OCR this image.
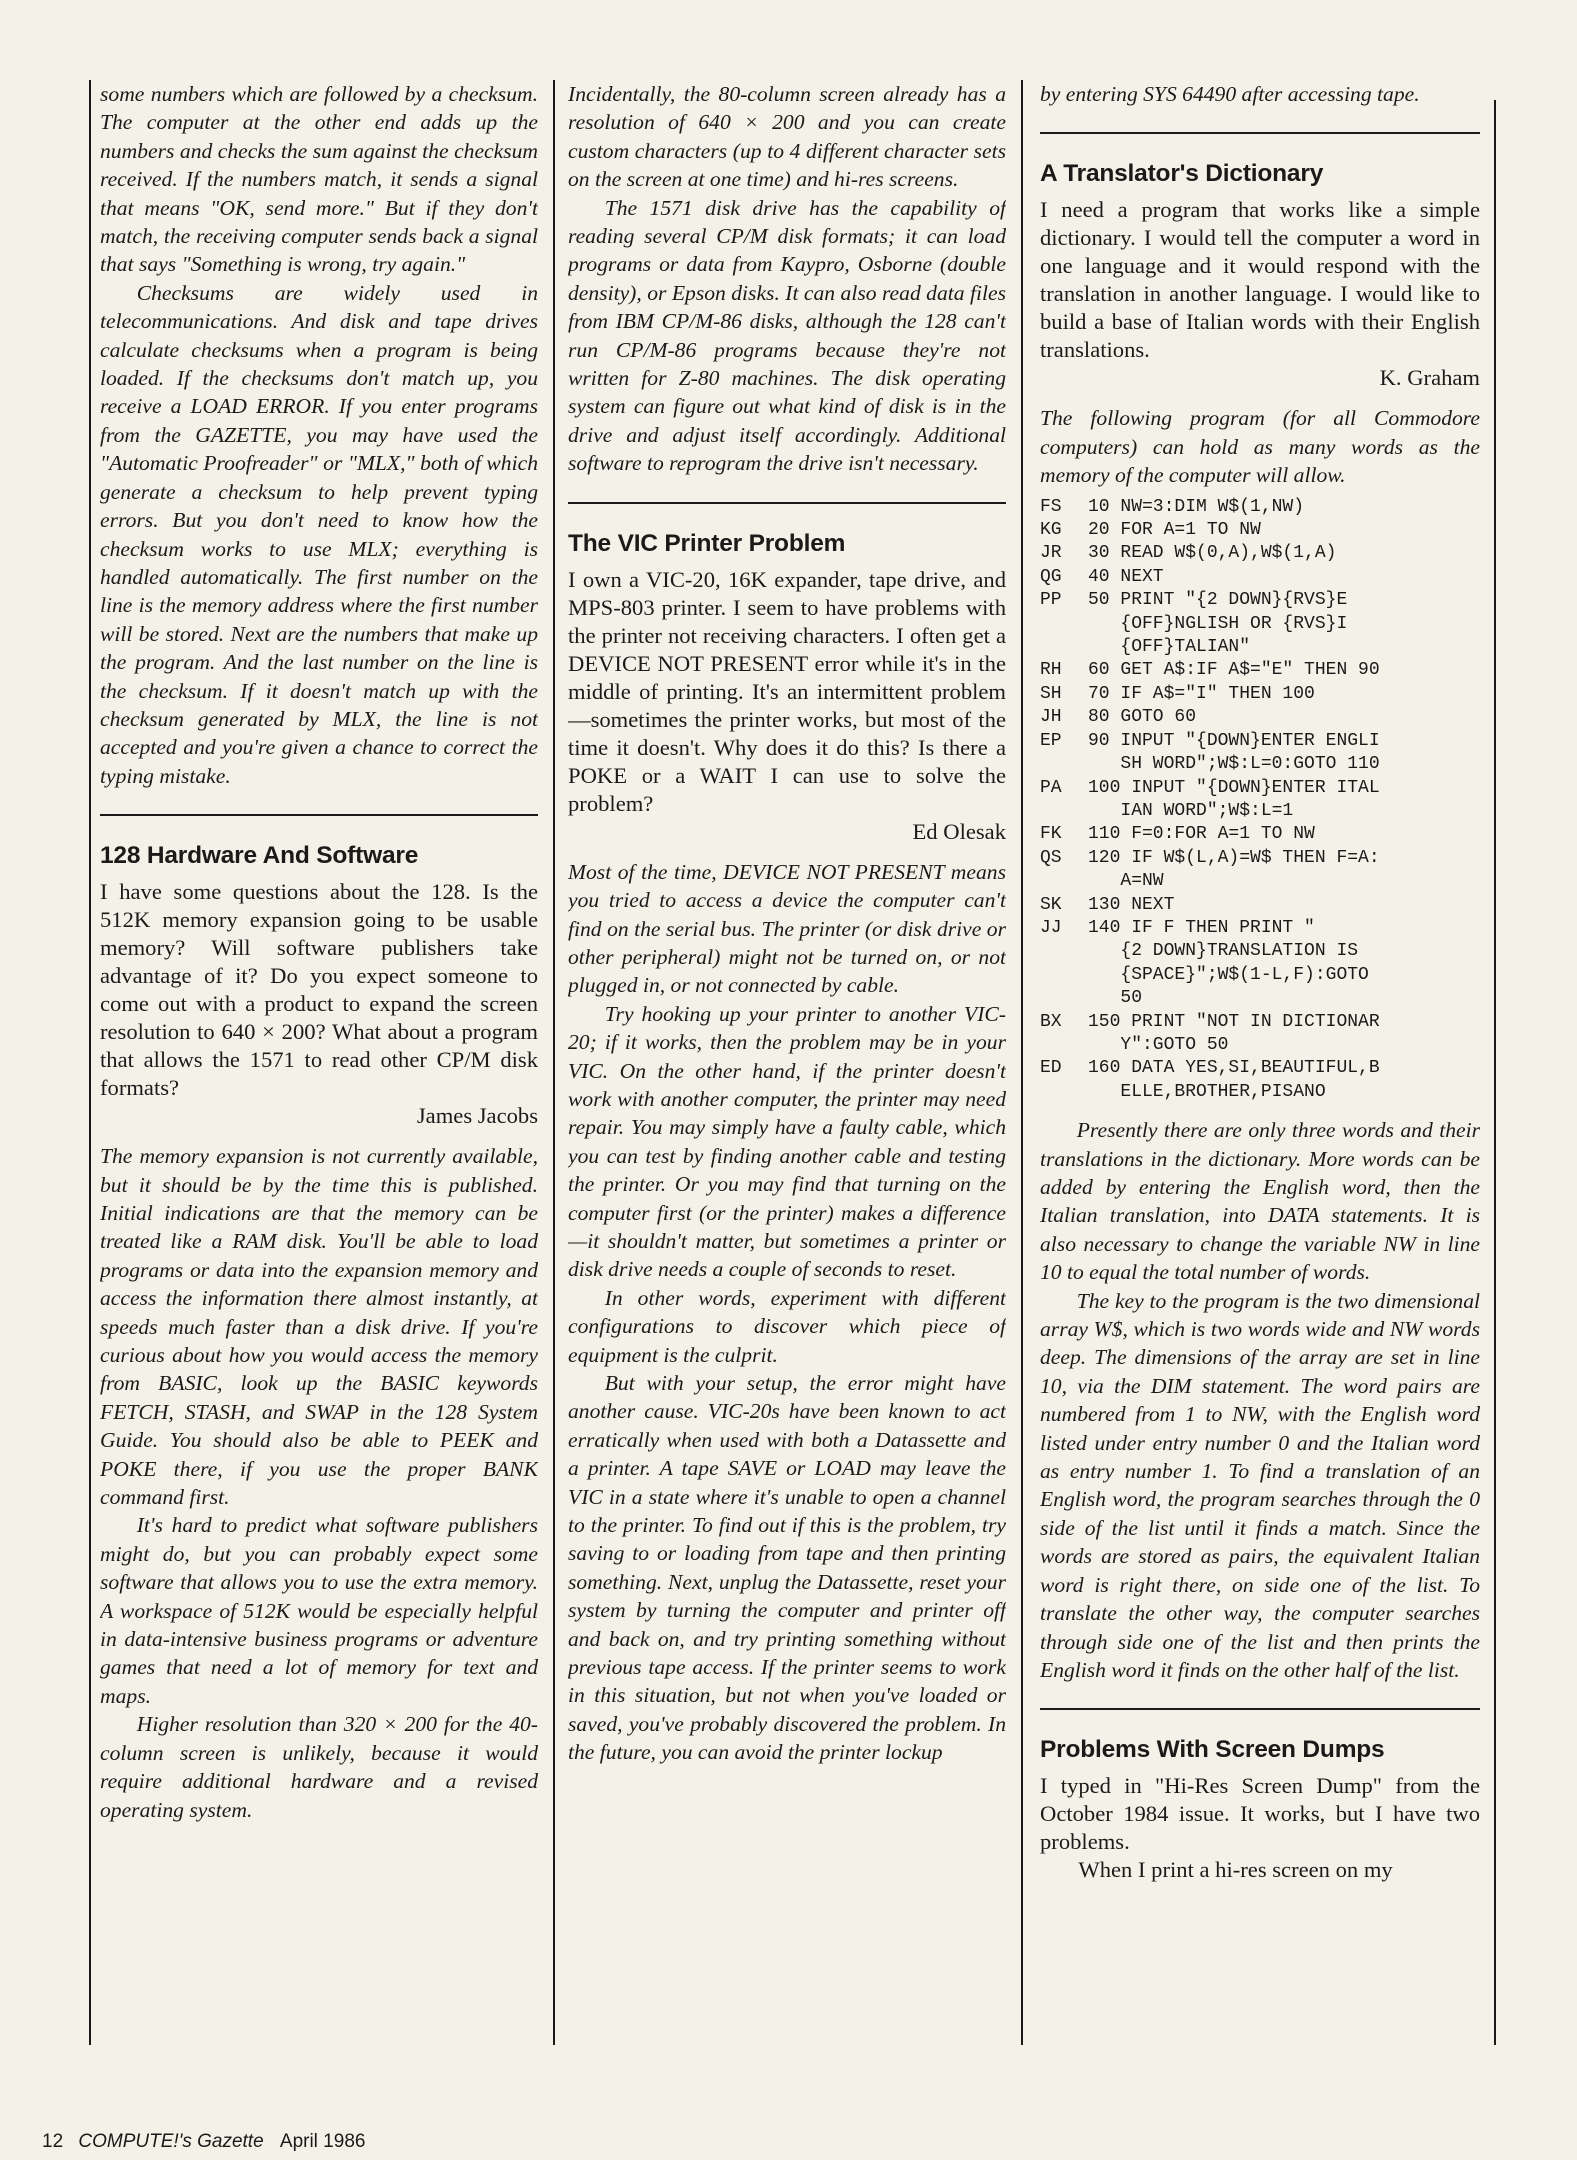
some numbers which are followed by a checksum. The computer at the other end adds up the numbers and checks the sum against the checksum received. If the numbers match, it sends a signal that means "OK, send more." But if they don't match, the receiving computer sends back a signal that says "Something is wrong, try again."

Checksums are widely used in telecommunications. And disk and tape drives calculate checksums when a program is being loaded. If the checksums don't match up, you receive a LOAD ERROR. If you enter programs from the GAZETTE, you may have used the "Automatic Proofreader" or "MLX," both of which generate a checksum to help prevent typing errors. But you don't need to know how the checksum works to use MLX; everything is handled automatically. The first number on the line is the memory address where the first number will be stored. Next are the numbers that make up the program. And the last number on the line is the checksum. If it doesn't match up with the checksum generated by MLX, the line is not accepted and you're given a chance to correct the typing mistake.

128 Hardware And Software

I have some questions about the 128. Is the 512K memory expansion going to be usable memory? Will software publishers take advantage of it? Do you expect someone to come out with a product to expand the screen resolution to 640 × 200? What about a program that allows the 1571 to read other CP/M disk formats?

James Jacobs

The memory expansion is not currently available, but it should be by the time this is published. Initial indications are that the memory can be treated like a RAM disk. You'll be able to load programs or data into the expansion memory and access the information there almost instantly, at speeds much faster than a disk drive. If you're curious about how you would access the memory from BASIC, look up the BASIC keywords FETCH, STASH, and SWAP in the 128 System Guide. You should also be able to PEEK and POKE there, if you use the proper BANK command first.

It's hard to predict what software publishers might do, but you can probably expect some software that allows you to use the extra memory. A workspace of 512K would be especially helpful in data-intensive business programs or adventure games that need a lot of memory for text and maps.

Higher resolution than 320 × 200 for the 40-column screen is unlikely, because it would require additional hardware and a revised operating system.

Incidentally, the 80-column screen already has a resolution of 640 × 200 and you can create custom characters (up to 4 different character sets on the screen at one time) and hi-res screens.

The 1571 disk drive has the capability of reading several CP/M disk formats; it can load programs or data from Kaypro, Osborne (double density), or Epson disks. It can also read data files from IBM CP/M-86 disks, although the 128 can't run CP/M-86 programs because they're not written for Z-80 machines. The disk operating system can figure out what kind of disk is in the drive and adjust itself accordingly. Additional software to reprogram the drive isn't necessary.

The VIC Printer Problem

I own a VIC-20, 16K expander, tape drive, and MPS-803 printer. I seem to have problems with the printer not receiving characters. I often get a DEVICE NOT PRESENT error while it's in the middle of printing. It's an intermittent problem—sometimes the printer works, but most of the time it doesn't. Why does it do this? Is there a POKE or a WAIT I can use to solve the problem?

Ed Olesak

Most of the time, DEVICE NOT PRESENT means you tried to access a device the computer can't find on the serial bus. The printer (or disk drive or other peripheral) might not be turned on, or not plugged in, or not connected by cable.

Try hooking up your printer to another VIC-20; if it works, then the problem may be in your VIC. On the other hand, if the printer doesn't work with another computer, the printer may need repair. You may simply have a faulty cable, which you can test by finding another cable and testing the printer. Or you may find that turning on the computer first (or the printer) makes a difference—it shouldn't matter, but sometimes a printer or disk drive needs a couple of seconds to reset.

In other words, experiment with different configurations to discover which piece of equipment is the culprit.

But with your setup, the error might have another cause. VIC-20s have been known to act erratically when used with both a Datassette and a printer. A tape SAVE or LOAD may leave the VIC in a state where it's unable to open a channel to the printer. To find out if this is the problem, try saving to or loading from tape and then printing something. Next, unplug the Datassette, reset your system by turning the computer and printer off and back on, and try printing something without previous tape access. If the printer seems to work in this situation, but not when you've loaded or saved, you've probably discovered the problem. In the future, you can avoid the printer lockup

by entering SYS 64490 after accessing tape.

A Translator's Dictionary

I need a program that works like a simple dictionary. I would tell the computer a word in one language and it would respond with the translation in another language. I would like to build a base of Italian words with their English translations.

K. Graham

The following program (for all Commodore computers) can hold as many words as the memory of the computer will allow.

FS	10 NW=3:DIM W$(1,NW)
KG	20 FOR A=1 TO NW
JR	30 READ W$(0,A),W$(1,A)
QG	40 NEXT
PP	50 PRINT "{2 DOWN}{RVS}E
{OFF}NGLISH OR {RVS}I
{OFF}TALIAN"
RH	60 GET A$:IF A$="E" THEN 90
SH	70 IF A$="I" THEN 100
JH	80 GOTO 60
EP	90 INPUT "{DOWN}ENTER ENGLI
SH WORD";W$:L=0:GOTO 110
PA	100 INPUT "{DOWN}ENTER ITAL
IAN WORD";W$:L=1
FK	110 F=0:FOR A=1 TO NW
QS	120 IF W$(L,A)=W$ THEN F=A:
A=NW
SK	130 NEXT
JJ	140 IF F THEN PRINT "
{2 DOWN}TRANSLATION IS
{SPACE}";W$(1-L,F):GOTO
50
BX	150 PRINT "NOT IN DICTIONAR
Y":GOTO 50
ED	160 DATA YES,SI,BEAUTIFUL,B
ELLE,BROTHER,PISANO

Presently there are only three words and their translations in the dictionary. More words can be added by entering the English word, then the Italian translation, into DATA statements. It is also necessary to change the variable NW in line 10 to equal the total number of words.

The key to the program is the two dimensional array W$, which is two words wide and NW words deep. The dimensions of the array are set in line 10, via the DIM statement. The word pairs are numbered from 1 to NW, with the English word listed under entry number 0 and the Italian word as entry number 1. To find a translation of an English word, the program searches through the 0 side of the list until it finds a match. Since the words are stored as pairs, the equivalent Italian word is right there, on side one of the list. To translate the other way, the computer searches through side one of the list and then prints the English word it finds on the other half of the list.

Problems With Screen Dumps

I typed in "Hi-Res Screen Dump" from the October 1984 issue. It works, but I have two problems.

When I print a hi-res screen on my

12 COMPUTE!'s Gazette April 1986
